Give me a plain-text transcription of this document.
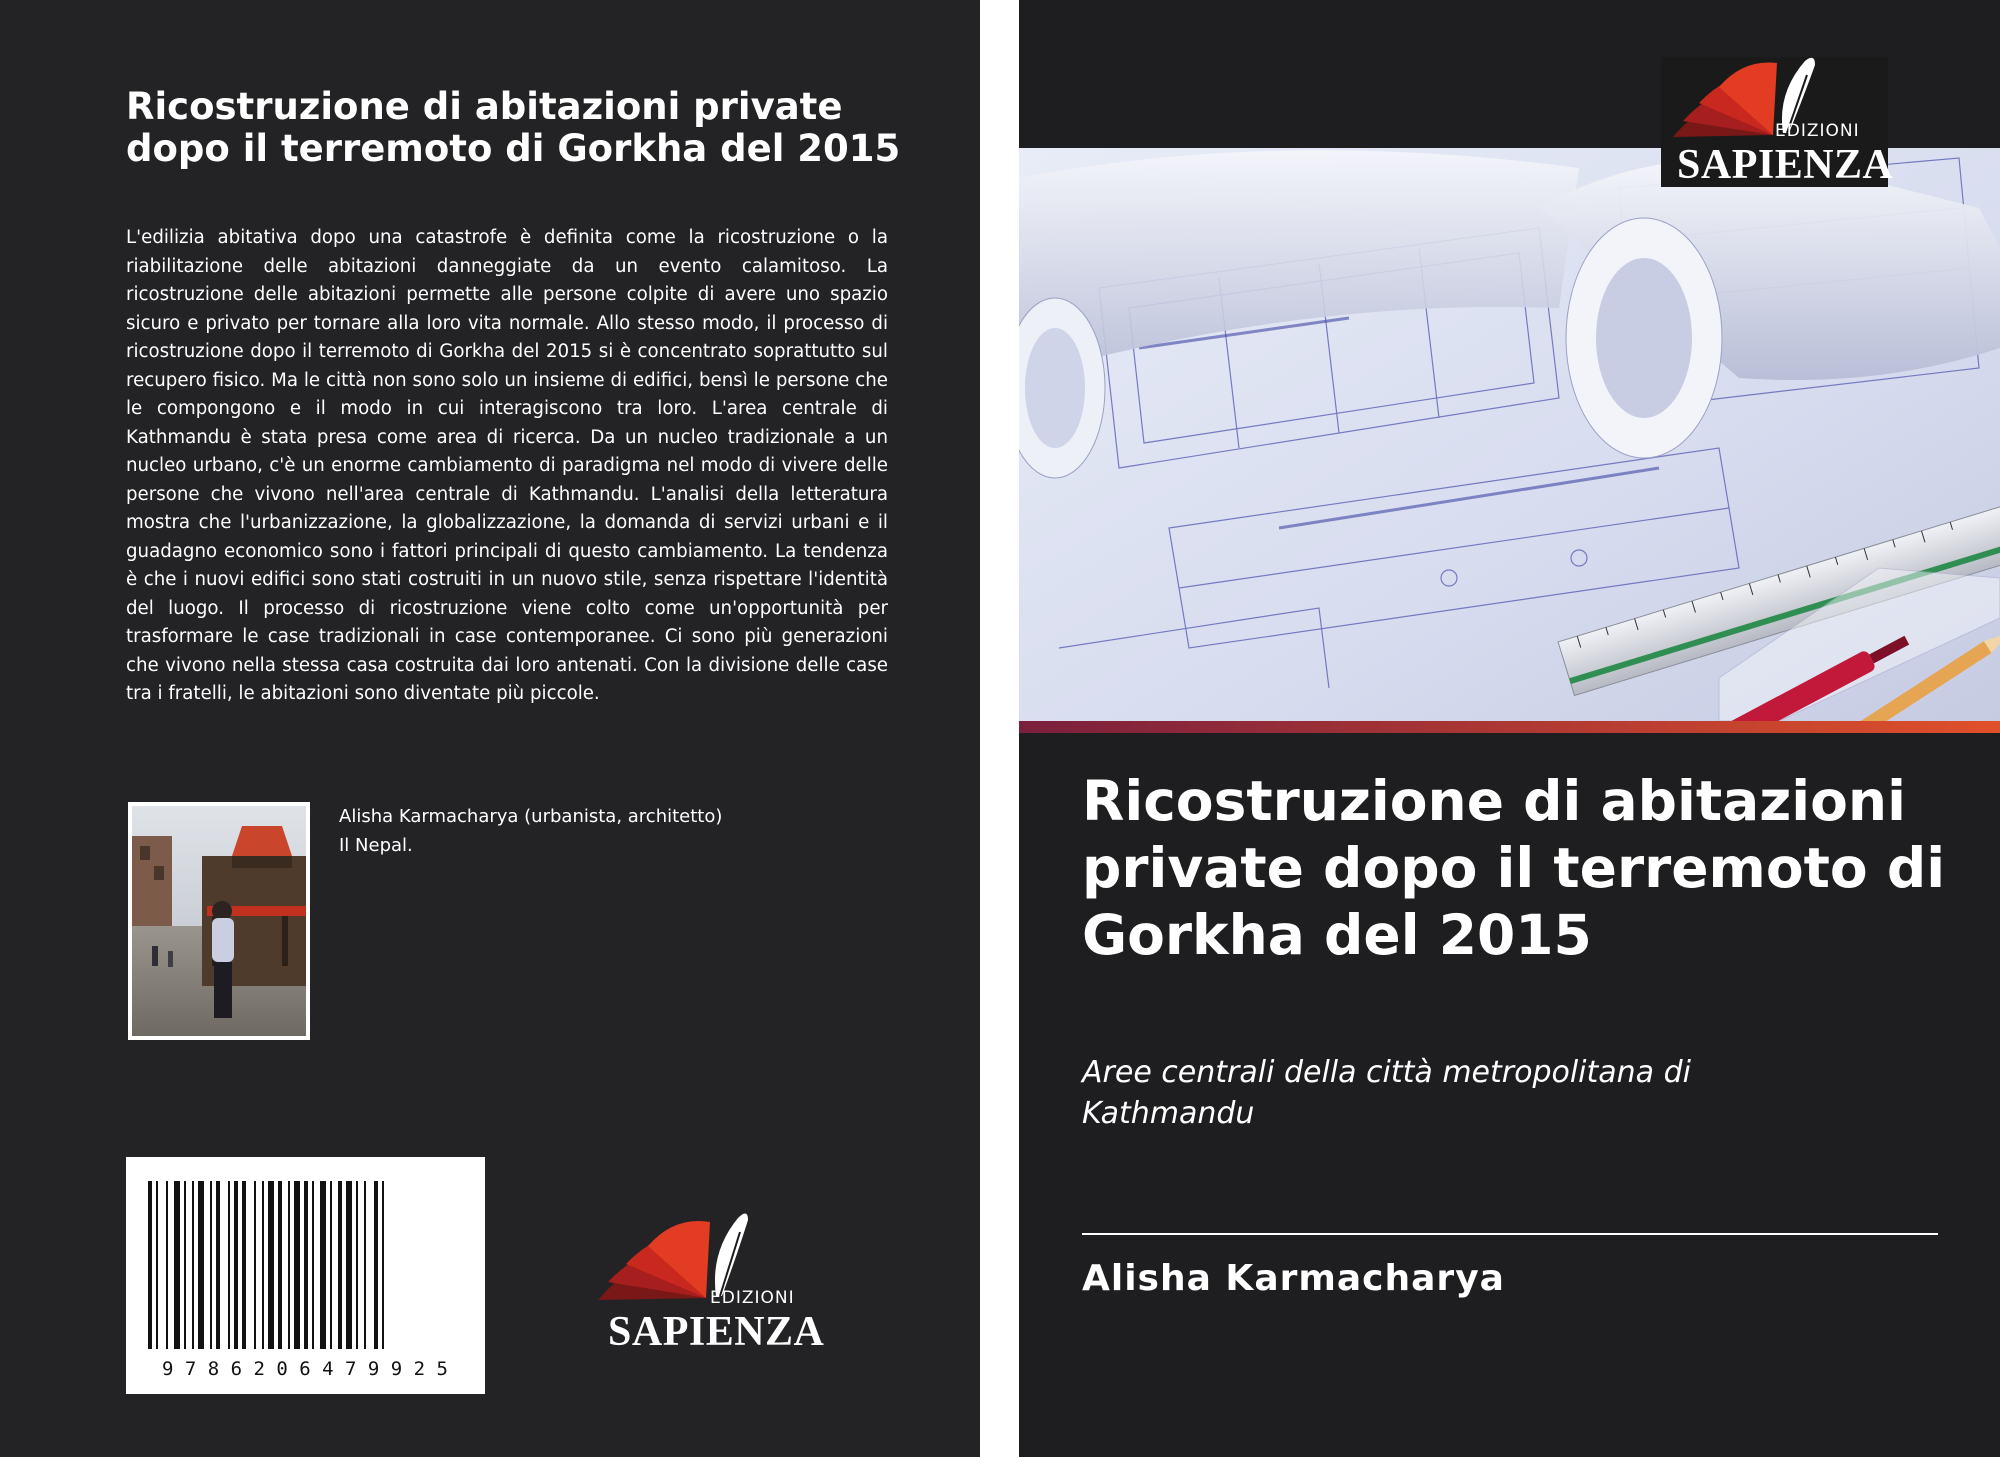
Ricostruzione di abitazioni private dopo il terremoto di Gorkha del 2015

L'edilizia abitativa dopo una catastrofe è definita come la ricostruzione o la riabilitazione delle abitazioni danneggiate da un evento calamitoso. La ricostruzione delle abitazioni permette alle persone colpite di avere uno spazio sicuro e privato per tornare alla loro vita normale. Allo stesso modo, il processo di ricostruzione dopo il terremoto di Gorkha del 2015 si è concentrato soprattutto sul recupero fisico. Ma le città non sono solo un insieme di edifici, bensì le persone che le compongono e il modo in cui interagiscono tra loro. L'area centrale di Kathmandu è stata presa come area di ricerca. Da un nucleo tradizionale a un nucleo urbano, c'è un enorme cambiamento di paradigma nel modo di vivere delle persone che vivono nell'area centrale di Kathmandu. L'analisi della letteratura mostra che l'urbanizzazione, la globalizzazione, la domanda di servizi urbani e il guadagno economico sono i fattori principali di questo cambiamento. La tendenza è che i nuovi edifici sono stati costruiti in un nuovo stile, senza rispettare l'identità del luogo. Il processo di ricostruzione viene colto come un'opportunità per trasformare le case tradizionali in case contemporanee. Ci sono più generazioni che vivono nella stessa casa costruita dai loro antenati. Con la divisione delle case tra i fratelli, le abitazioni sono diventate più piccole.

Alisha Karmacharya (urbanista, architetto)
Il Nepal.
9 7 8 6 2 0 6 4 7 9 9 2 5
EDIZIONI
SAPIENZA
EDIZIONI
SAPIENZA
Ricostruzione di abitazioni private dopo il terremoto di Gorkha del 2015

Aree centrali della città metropolitana di Kathmandu

Alisha Karmacharya
